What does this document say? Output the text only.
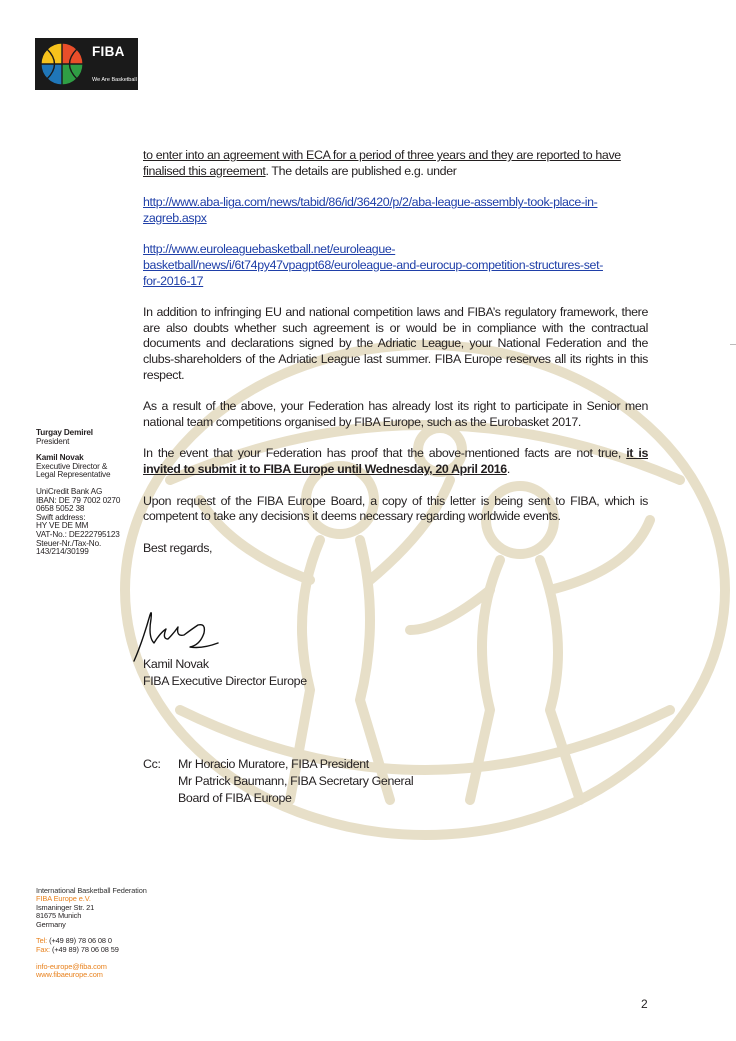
FIBA
We Are Basketball
Turgay Demirel
President
Kamil Novak
Executive Director &
Legal Representative
UniCredit Bank AG
IBAN: DE 79 7002 0270
0658 5052 38
Swift address:
HY VE DE MM
VAT-No.: DE222795123
Steuer-Nr./Tax-No.
143/214/30199

to enter into an agreement with ECA for a period of three years and they are reported to have
finalised this agreement. The details are published e.g. under

http://www.aba-liga.com/news/tabid/86/id/36420/p/2/aba-league-assembly-took-place-in-
zagreb.aspx

http://www.euroleaguebasketball.net/euroleague-
basketball/news/i/6t74py47vpagpt68/euroleague-and-eurocup-competition-structures-set-
for-2016-17

In addition to infringing EU and national competition laws and FIBA’s regulatory framework, there are also doubts whether such agreement is or would be in compliance with the contractual documents and declarations signed by the Adriatic League, your National Federation and the clubs-shareholders of the Adriatic League last summer. FIBA Europe reserves all its rights in this respect.

As a result of the above, your Federation has already lost its right to participate in Senior men national team competitions organised by FIBA Europe, such as the Eurobasket 2017.

In the event that your Federation has proof that the above-mentioned facts are not true, it is invited to submit it to FIBA Europe until Wednesday, 20 April 2016.

Upon request of the FIBA Europe Board, a copy of this letter is being sent to FIBA, which is competent to take any decisions it deems necessary regarding worldwide events.

Best regards,

Kamil Novak
FIBA Executive Director Europe
Cc: Mr Horacio Muratore, FIBA President
Mr Patrick Baumann, FIBA Secretary General
Board of FIBA Europe
International Basketball Federation
FIBA Europe e.V.
Ismaninger Str. 21
81675 Munich
Germany
Tel: (+49 89) 78 06 08 0
Fax: (+49 89) 78 06 08 59
info-europe@fiba.com
www.fibaeurope.com
2
